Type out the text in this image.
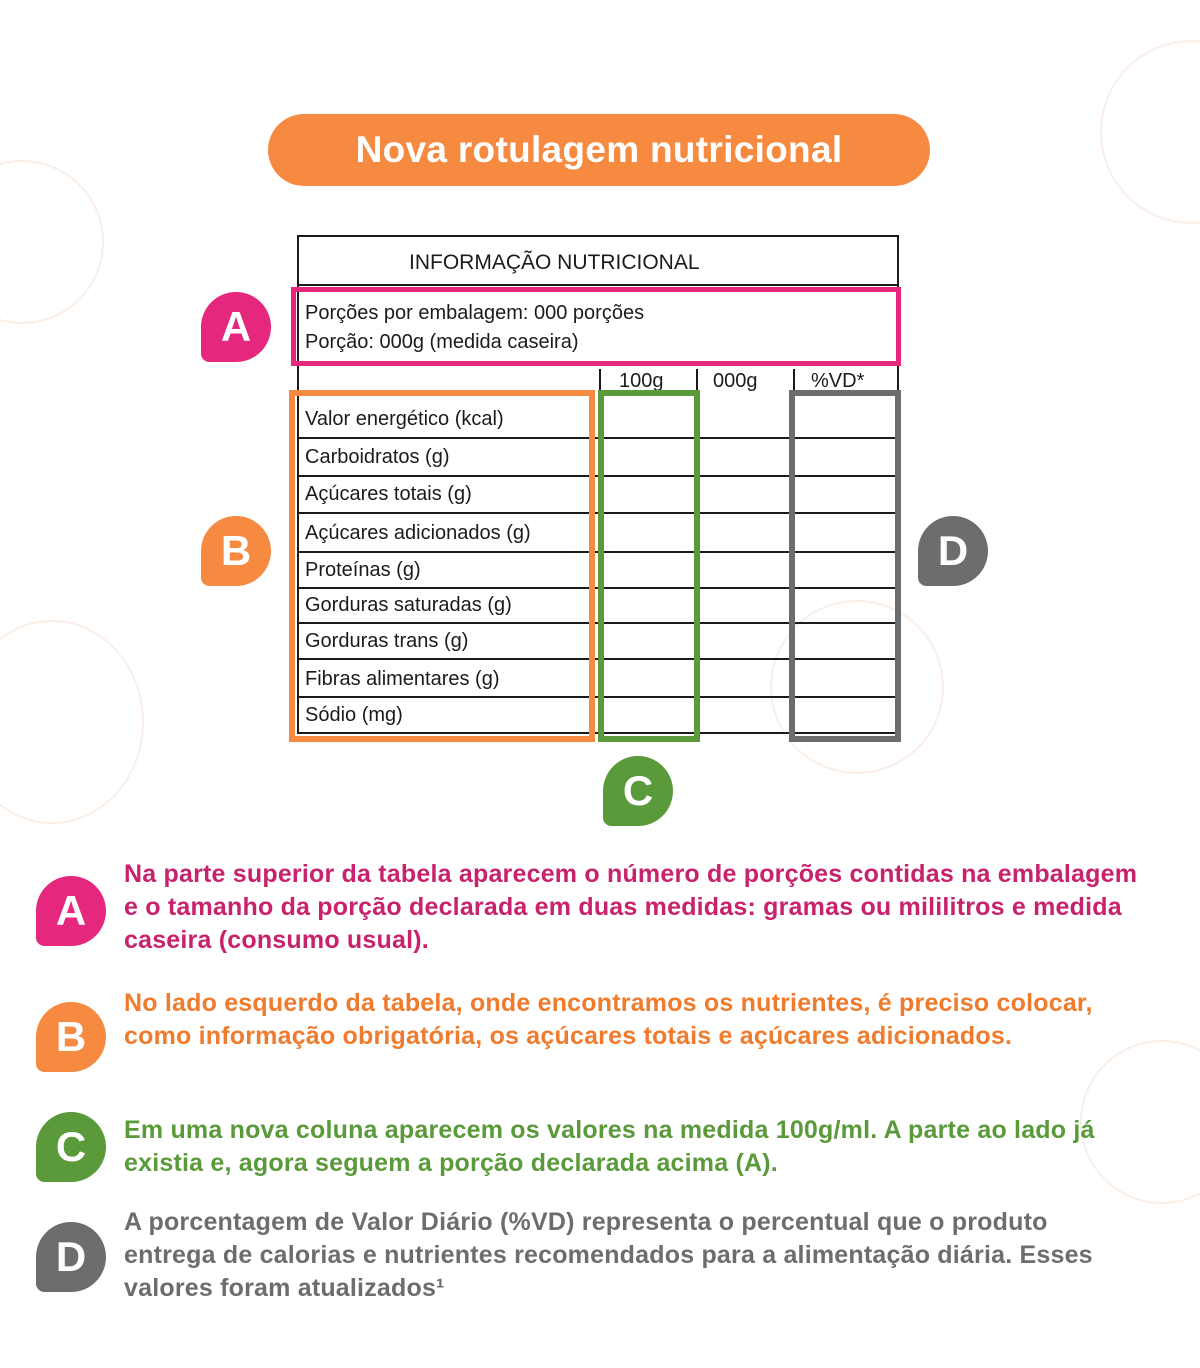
Nova rotulagem nutricional
INFORMAÇÃO NUTRICIONAL
Porções por embalagem: 000 porções
Porção: 000g (medida caseira)
100g 000g	%VD*
Valor energético (kcal)
Carboidratos (g)
Açúcares totais (g)
Açúcares adicionados (g)
Proteínas (g)
Gorduras saturadas (g)
Gorduras trans (g)
Fibras alimentares (g)
Sódio (mg)
A
B	D
C
A
Na parte superior da tabela aparecem o número de porções contidas na embalagem e o tamanho da porção declarada em duas medidas: gramas ou mililitros e medida caseira (consumo usual).
B
No lado esquerdo da tabela, onde encontramos os nutrientes, é preciso colocar, como informação obrigatória, os açúcares totais e açúcares adicionados.
C	Em uma nova coluna aparecem os valores na medida 100g/ml. A parte ao lado já existia e, agora seguem a porção declarada acima (A).
D
A porcentagem de Valor Diário (%VD) representa o percentual que o produto entrega de calorias e nutrientes recomendados para a alimentação diária. Esses valores foram atualizados¹
